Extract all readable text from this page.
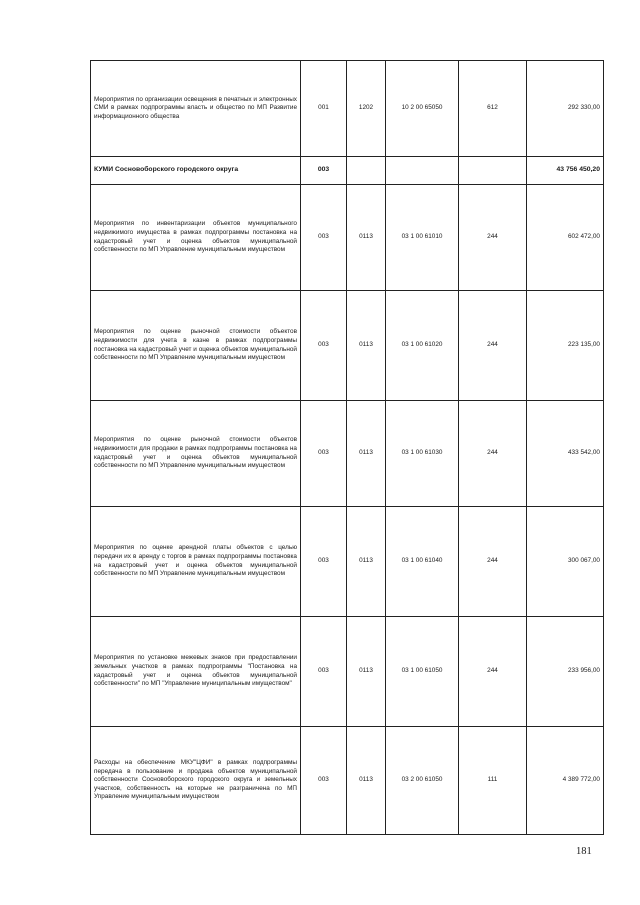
Мероприятия по организации освещения в печатных и электронных СМИ в рамках подпрограммы власть и общество по МП Развитие информационного общества	001	1202	10 2 00 65050	612	292 330,00
КУМИ Сосновоборского городского округа	003				43 756 450,20
Мероприятия по инвентаризации объектов муниципального недвижимого имущества в рамках подпрограммы постановка на кадастровый учет и оценка объектов муниципальной собственности по МП Управление муниципальным имуществом	003	0113	03 1 00 61010	244	602 472,00
Мероприятия по оценке рыночной стоимости объектов недвижимости для учета в казне в рамках подпрограммы постановка на кадастровый учет и оценка объектов муниципальной собственности по МП Управление муниципальным имуществом	003	0113	03 1 00 61020	244	223 135,00
Мероприятия по оценке рыночной стоимости объектов недвижимости для продажи в рамках подпрограммы постановка на кадастровый учет и оценка объектов муниципальной собственности по МП Управление муниципальным имуществом	003	0113	03 1 00 61030	244	433 542,00
Мероприятия по оценке арендной платы объектов с целью передачи их в аренду с торгов в рамках подпрограммы постановка на кадастровый учет и оценка объектов муниципальной собственности по МП Управление муниципальным имуществом	003	0113	03 1 00 61040	244	300 067,00
Мероприятия по установке межевых знаков при предоставлении земельных участков в рамках подпрограммы "Постановка на кадастровый учет и оценка объектов муниципальной собственности" по МП "Управление муниципальным имуществом"	003	0113	03 1 00 61050	244	233 956,00
Расходы на обеспечение МКУ"ЦФИ" в рамках подпрограммы передача в пользование и продажа объектов муниципальной собственности Сосновоборского городского округа и земельных участков, собственность на которые не разграничена по МП Управление муниципальным имуществом	003	0113	03 2 00 61050	111	4 389 772,00
181
